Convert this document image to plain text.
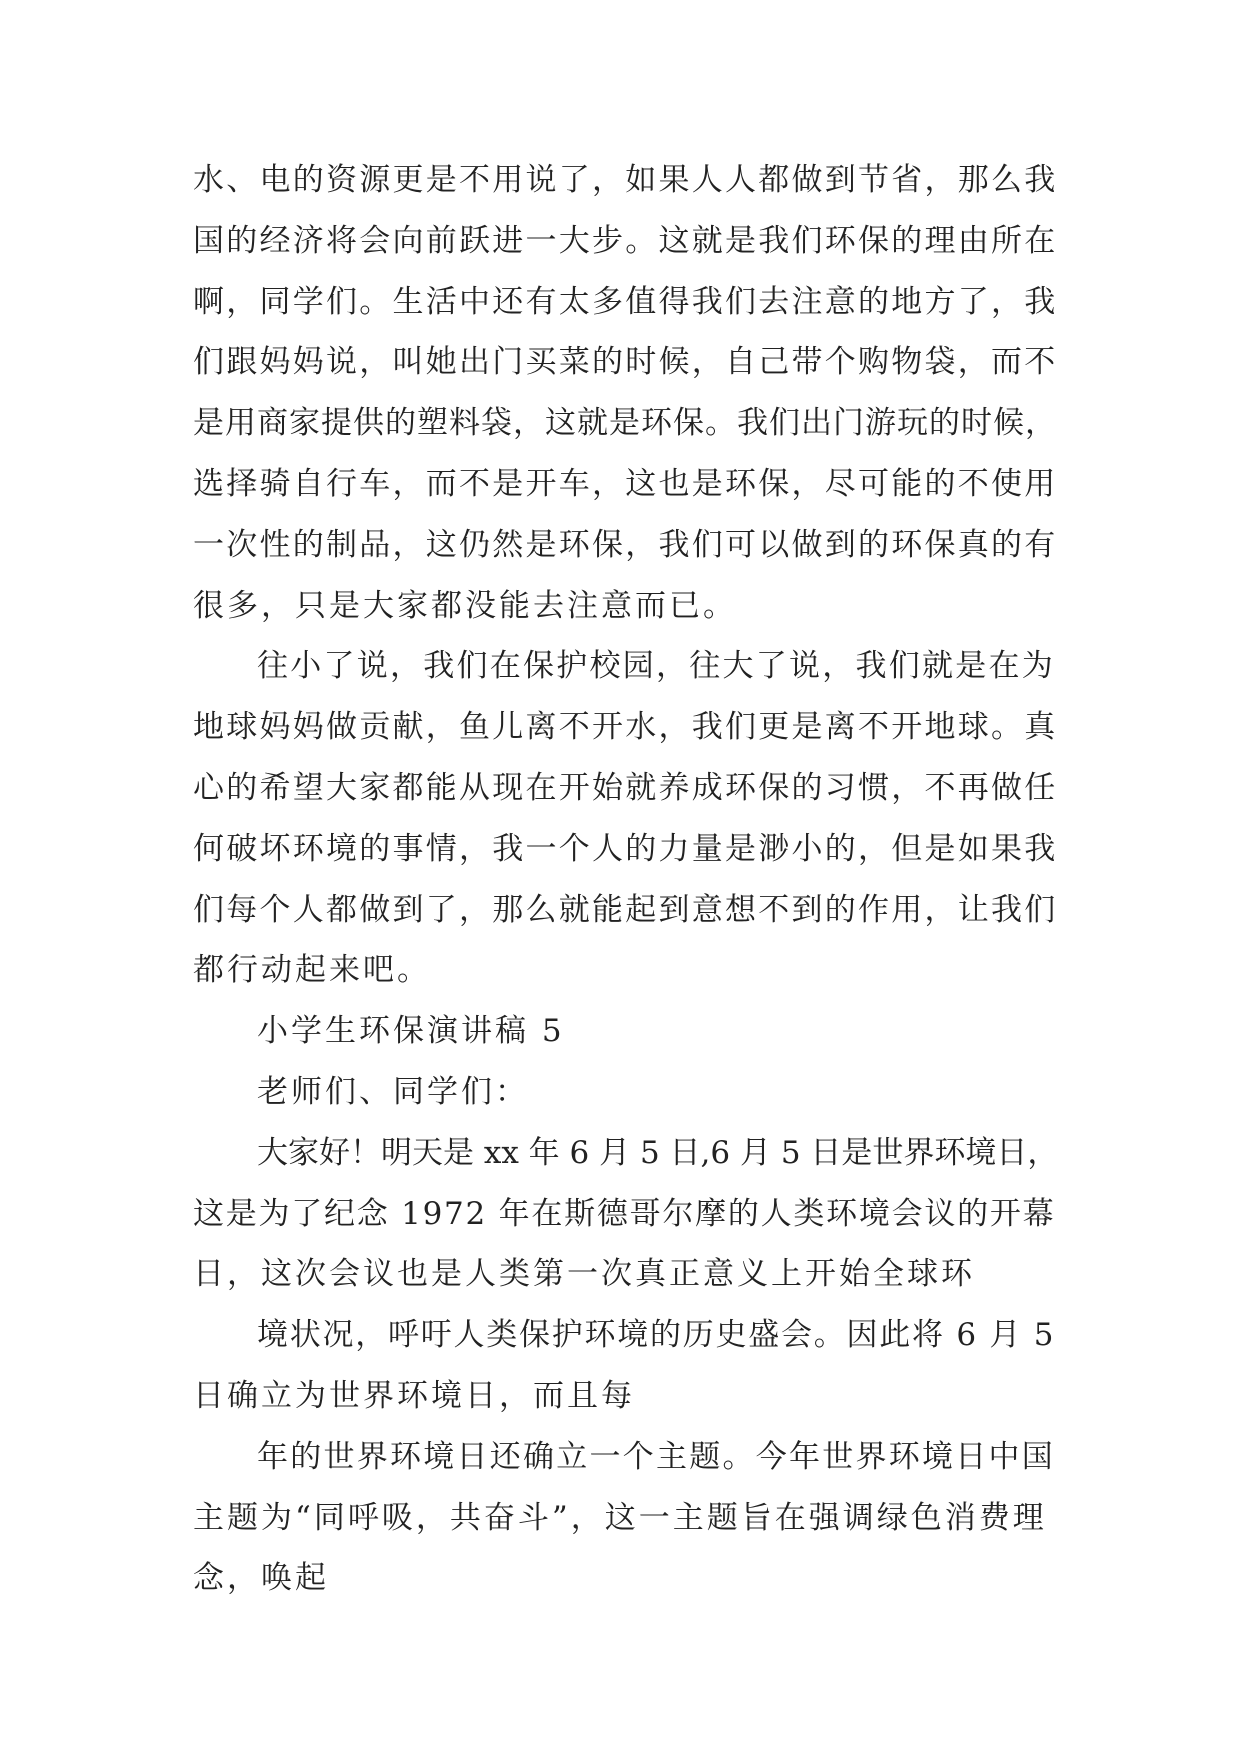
水、电的资源更是不用说了，如果人人都做到节省，那么我

国的经济将会向前跃进一大步。这就是我们环保的理由所在

啊，同学们。生活中还有太多值得我们去注意的地方了，我

们跟妈妈说，叫她出门买菜的时候，自己带个购物袋，而不

是用商家提供的塑料袋，这就是环保。我们出门游玩的时候，

选择骑自行车，而不是开车，这也是环保，尽可能的不使用

一次性的制品，这仍然是环保，我们可以做到的环保真的有

很多，只是大家都没能去注意而已。

往小了说，我们在保护校园，往大了说，我们就是在为

地球妈妈做贡献，鱼儿离不开水，我们更是离不开地球。真

心的希望大家都能从现在开始就养成环保的习惯，不再做任

何破坏环境的事情，我一个人的力量是渺小的，但是如果我

们每个人都做到了，那么就能起到意想不到的作用，让我们

都行动起来吧。

小学生环保演讲稿 5

老师们、同学们：

大家好！明天是 xx 年 6 月 5 日,6 月 5 日是世界环境日，

这是为了纪念 1972 年在斯德哥尔摩的人类环境会议的开幕

日，这次会议也是人类第一次真正意义上开始全球环

境状况，呼吁人类保护环境的历史盛会。因此将 6 月 5

日确立为世界环境日，而且每

年的世界环境日还确立一个主题。今年世界环境日中国

主题为“同呼吸，共奋斗”，这一主题旨在强调绿色消费理

念，唤起
